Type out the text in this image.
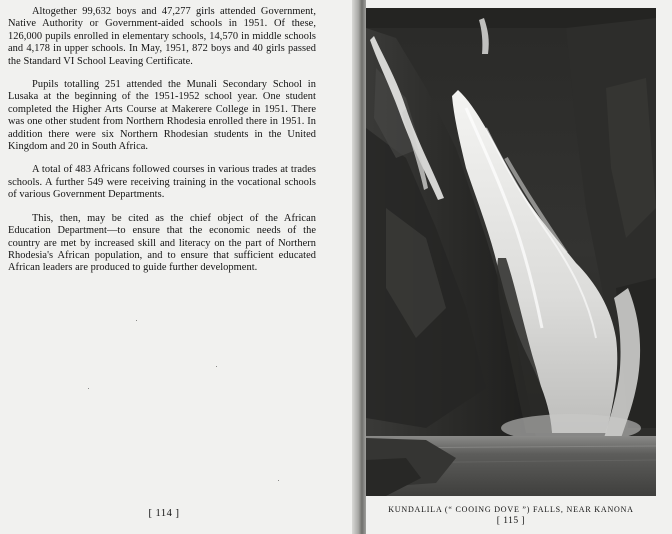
Altogether 99,632 boys and 47,277 girls attended Government, Native Authority or Government-aided schools in 1951. Of these, 126,000 pupils enrolled in elementary schools, 14,570 in middle schools and 4,178 in upper schools. In May, 1951, 872 boys and 40 girls passed the Standard VI School Leaving Certificate.

Pupils totalling 251 attended the Munali Secondary School in Lusaka at the beginning of the 1951-1952 school year. One student completed the Higher Arts Course at Makerere College in 1951. There was one other student from Northern Rhodesia enrolled there in 1951. In addition there were six Northern Rhodesian students in the United Kingdom and 20 in South Africa.

A total of 483 Africans followed courses in various trades at trades schools. A further 549 were receiving training in the vocational schools of various Government Departments.

This, then, may be cited as the chief object of the African Education Department—to ensure that the economic needs of the country are met by increased skill and literacy on the part of Northern Rhodesia's African population, and to ensure that sufficient educated African leaders are produced to guide further development.

[ 114 ]	KUNDALILA (“ COOING DOVE ”) FALLS, NEAR KANONA
[ 115 ]
